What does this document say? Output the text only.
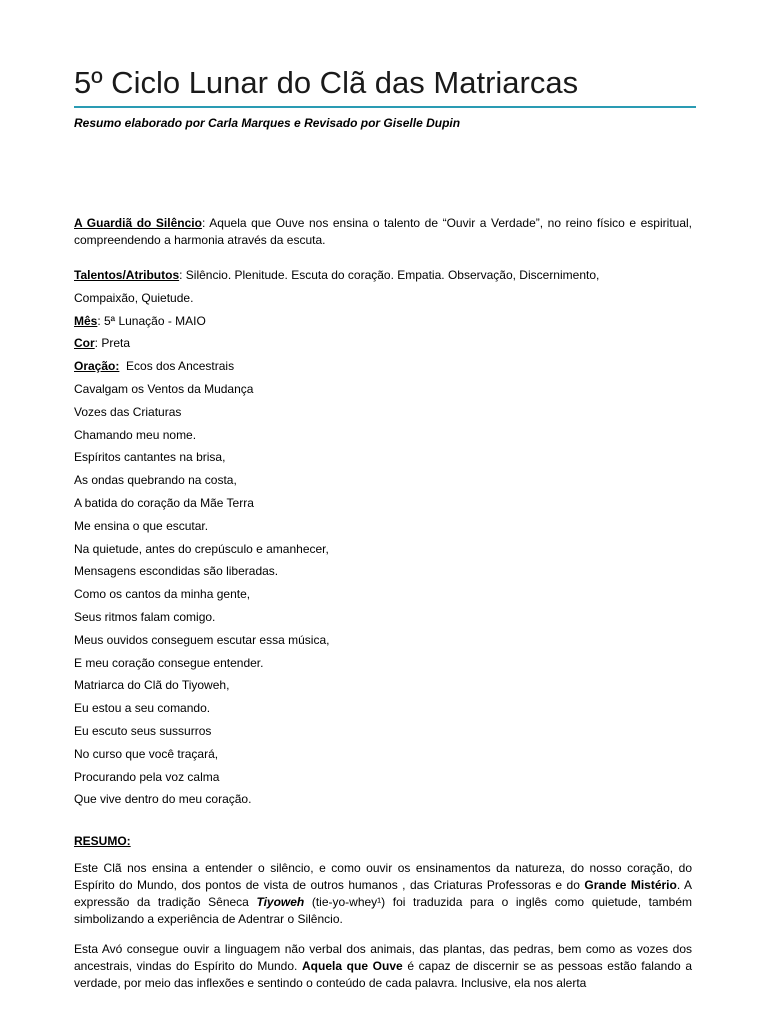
5º Ciclo Lunar do Clã das Matriarcas
Resumo elaborado por Carla Marques e Revisado por Giselle Dupin
A Guardiã do Silêncio: Aquela que Ouve nos ensina o talento de “Ouvir a Verdade”, no reino físico e espiritual, compreendendo a harmonia através da escuta.
Talentos/Atributos: Silêncio. Plenitude. Escuta do coração. Empatia. Observação, Discernimento,
Compaixão, Quietude.
Mês: 5ª Lunação - MAIO
Cor: Preta
Oração:  Ecos dos Ancestrais
Cavalgam os Ventos da Mudança
Vozes das Criaturas
Chamando meu nome.
Espíritos cantantes na brisa,
As ondas quebrando na costa,
A batida do coração da Mãe Terra
Me ensina o que escutar.
Na quietude, antes do crepúsculo e amanhecer,
Mensagens escondidas são liberadas.
Como os cantos da minha gente,
Seus ritmos falam comigo.
Meus ouvidos conseguem escutar essa música,
E meu coração consegue entender.
Matriarca do Clã do Tiyoweh,
Eu estou a seu comando.
Eu escuto seus sussurros
No curso que você traçará,
Procurando pela voz calma
Que vive dentro do meu coração.
RESUMO:
Este Clã nos ensina a entender o silêncio, e como ouvir os ensinamentos da natureza, do nosso coração, do Espírito do Mundo, dos pontos de vista de outros humanos , das Criaturas Professoras e do Grande Mistério. A expressão da tradição Sêneca Tiyoweh (tie-yo-whey¹) foi traduzida para o inglês como quietude, também simbolizando a experiência de Adentrar o Silêncio.
Esta Avó consegue ouvir a linguagem não verbal dos animais, das plantas, das pedras, bem como as vozes dos ancestrais, vindas do Espírito do Mundo. Aquela que Ouve é capaz de discernir se as pessoas estão falando a verdade, por meio das inflexões e sentindo o conteúdo de cada palavra. Inclusive, ela nos alerta
